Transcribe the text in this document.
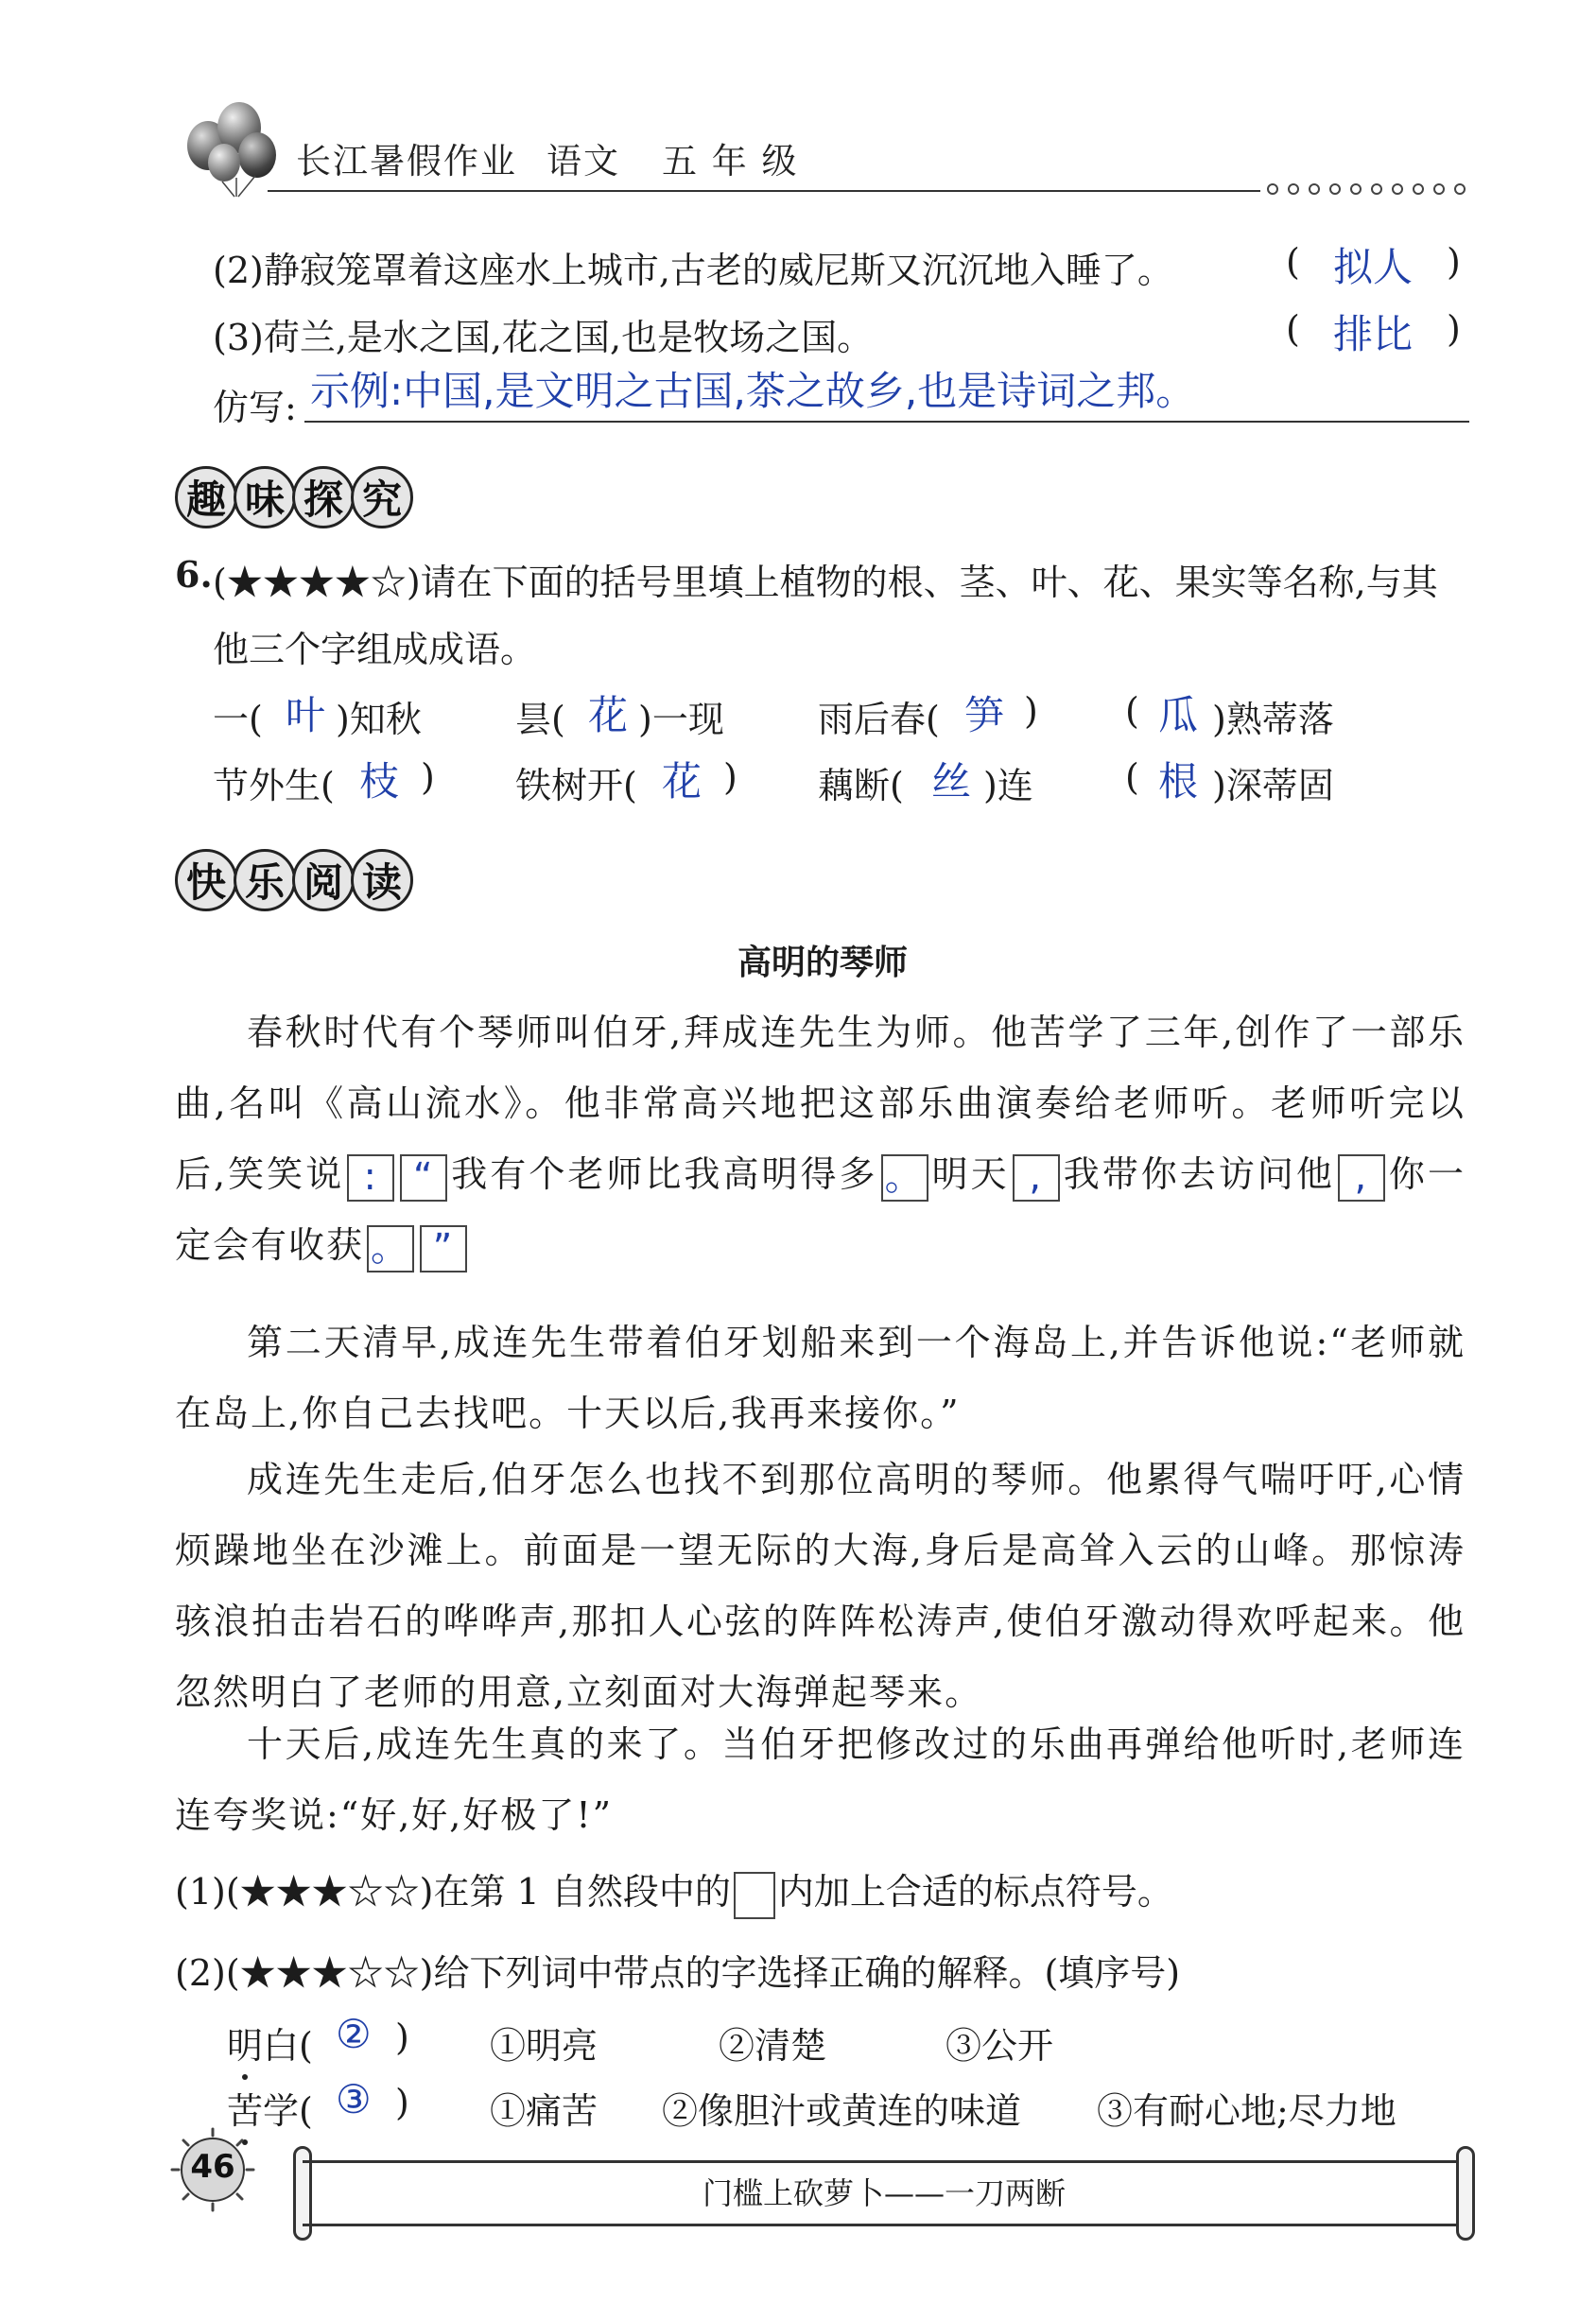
长江暑假作业 语文 五 年 级
(2)静寂笼罩着这座水上城市,古老的威尼斯又沉沉地入睡了。	( 拟人 )
(3)荷兰,是水之国,花之国,也是牧场之国。	( 排比 )
仿写: 示例:中国,是文明之古国,茶之故乡,也是诗词之邦。
趣 味 探 究
6. (★★★★☆)请在下面的括号里填上植物的根、茎、叶、花、果实等名称,与其
他三个字组成成语。
一( 叶 )知秋	昙( 花 )一现	雨后春( 笋 ) ( 瓜 )熟蒂落
节外生( 枝 ) 铁树开( 花 ) 藕断( 丝 )连	( 根 )深蒂固
快 乐 阅 读
高明的琴师
春秋时代有个琴师叫伯牙,拜成连先生为师。他苦学了三年,创作了一部乐曲,名叫《高山流水》。他非常高兴地把这部乐曲演奏给老师听。老师听完以后,笑笑说 : “ 我有个老师比我高明得多 。 明天 , 我带你去访问他 , 你一定会有收获 。 ”
第二天清早,成连先生带着伯牙划船来到一个海岛上,并告诉他说:“老师就在岛上,你自己去找吧。十天以后,我再来接你。”
成连先生走后,伯牙怎么也找不到那位高明的琴师。他累得气喘吁吁,心情烦躁地坐在沙滩上。前面是一望无际的大海,身后是高耸入云的山峰。那惊涛骇浪拍击岩石的哗哗声,那扣人心弦的阵阵松涛声,使伯牙激动得欢呼起来。他忽然明白了老师的用意,立刻面对大海弹起琴来。
十天后,成连先生真的来了。当伯牙把修改过的乐曲再弹给他听时,老师连连夸奖说:“好,好,好极了!”
(1)(★★★☆☆)在第 1 自然段中的 内加上合适的标点符号。
(2)(★★★☆☆)给下列词中带点的字选择正确的解释。(填序号)
明白( ② ) ①明亮	②清楚	③公开
苦学( ③ ) ①痛苦 ②像胆汁或黄连的味道 ③有耐心地;尽力地
46
门槛上砍萝卜——一刀两断
